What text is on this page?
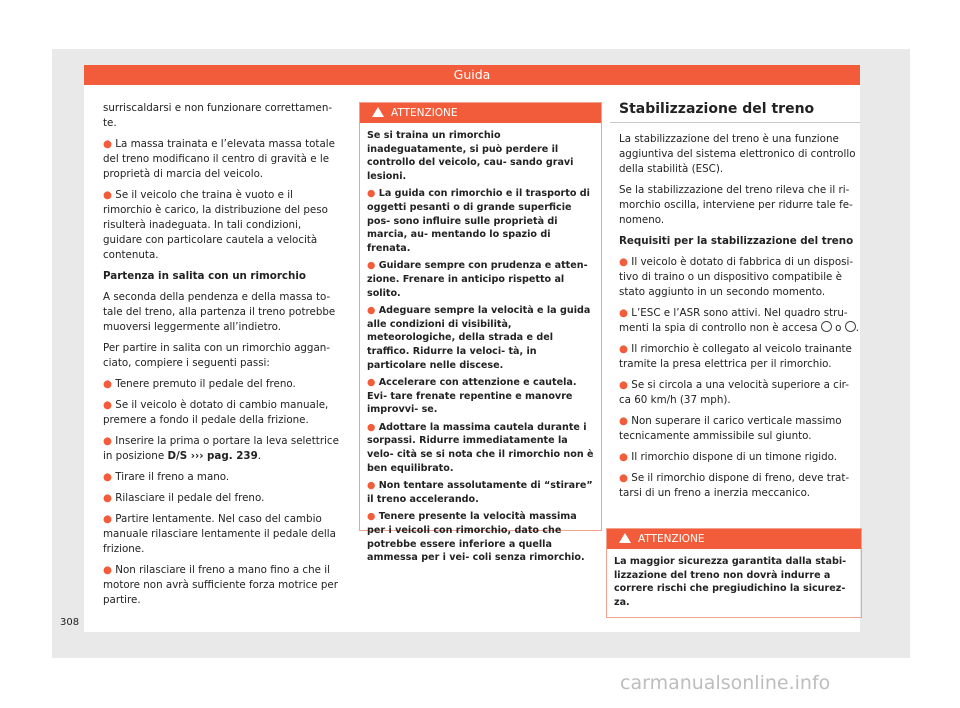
Guida

surriscaldarsi e non funzionare correttamen- te.

● La massa trainata e l’elevata massa totale del treno modificano il centro di gravità e le proprietà di marcia del veicolo.

● Se il veicolo che traina è vuoto e il rimorchio è carico, la distribuzione del peso risulterà inadeguata. In tali condizioni, guidare con particolare cautela a velocità contenuta.

Partenza in salita con un rimorchio

A seconda della pendenza e della massa to- tale del treno, alla partenza il treno potrebbe muoversi leggermente all’indietro.

Per partire in salita con un rimorchio aggan- ciato, compiere i seguenti passi:

● Tenere premuto il pedale del freno.

● Se il veicolo è dotato di cambio manuale, premere a fondo il pedale della frizione.

● Inserire la prima o portare la leva selettrice in posizione D/S ››› pag. 239.

● Tirare il freno a mano.

● Rilasciare il pedale del freno.

● Partire lentamente. Nel caso del cambio manuale rilasciare lentamente il pedale della frizione.

● Non rilasciare il freno a mano fino a che il motore non avrà sufficiente forza motrice per partire.

ATTENZIONE

Se si traina un rimorchio inadeguatamente, si può perdere il controllo del veicolo, cau- sando gravi lesioni.

● La guida con rimorchio e il trasporto di oggetti pesanti o di grande superficie pos- sono influire sulle proprietà di marcia, au- mentando lo spazio di frenata.

● Guidare sempre con prudenza e atten- zione. Frenare in anticipo rispetto al solito.

● Adeguare sempre la velocità e la guida alle condizioni di visibilità, meteorologiche, della strada e del traffico. Ridurre la veloci- tà, in particolare nelle discese.

● Accelerare con attenzione e cautela. Evi- tare frenate repentine e manovre improvvi- se.

● Adottare la massima cautela durante i sorpassi. Ridurre immediatamente la velo- cità se si nota che il rimorchio non è ben equilibrato.

● Non tentare assolutamente di “stirare” il treno accelerando.

● Tenere presente la velocità massima per i veicoli con rimorchio, dato che potrebbe essere inferiore a quella ammessa per i vei- coli senza rimorchio.

Stabilizzazione del treno

La stabilizzazione del treno è una funzione aggiuntiva del sistema elettronico di controllo della stabilità (ESC).

Se la stabilizzazione del treno rileva che il ri- morchio oscilla, interviene per ridurre tale fe- nomeno.

Requisiti per la stabilizzazione del treno

● Il veicolo è dotato di fabbrica di un disposi- tivo di traino o un dispositivo compatibile è stato aggiunto in un secondo momento.

● L’ESC e l’ASR sono attivi. Nel quadro stru- menti la spia di controllo non è accesa o .

● Il rimorchio è collegato al veicolo trainante tramite la presa elettrica per il rimorchio.

● Se si circola a una velocità superiore a cir- ca 60 km/h (37 mph).

● Non superare il carico verticale massimo tecnicamente ammissibile sul giunto.

● Il rimorchio dispone di un timone rigido.

● Se il rimorchio dispone di freno, deve trat- tarsi di un freno a inerzia meccanico.

ATTENZIONE

La maggior sicurezza garantita dalla stabi- lizzazione del treno non dovrà indurre a correre rischi che pregiudichino la sicurez- za.

308
carmanualsonline.info
